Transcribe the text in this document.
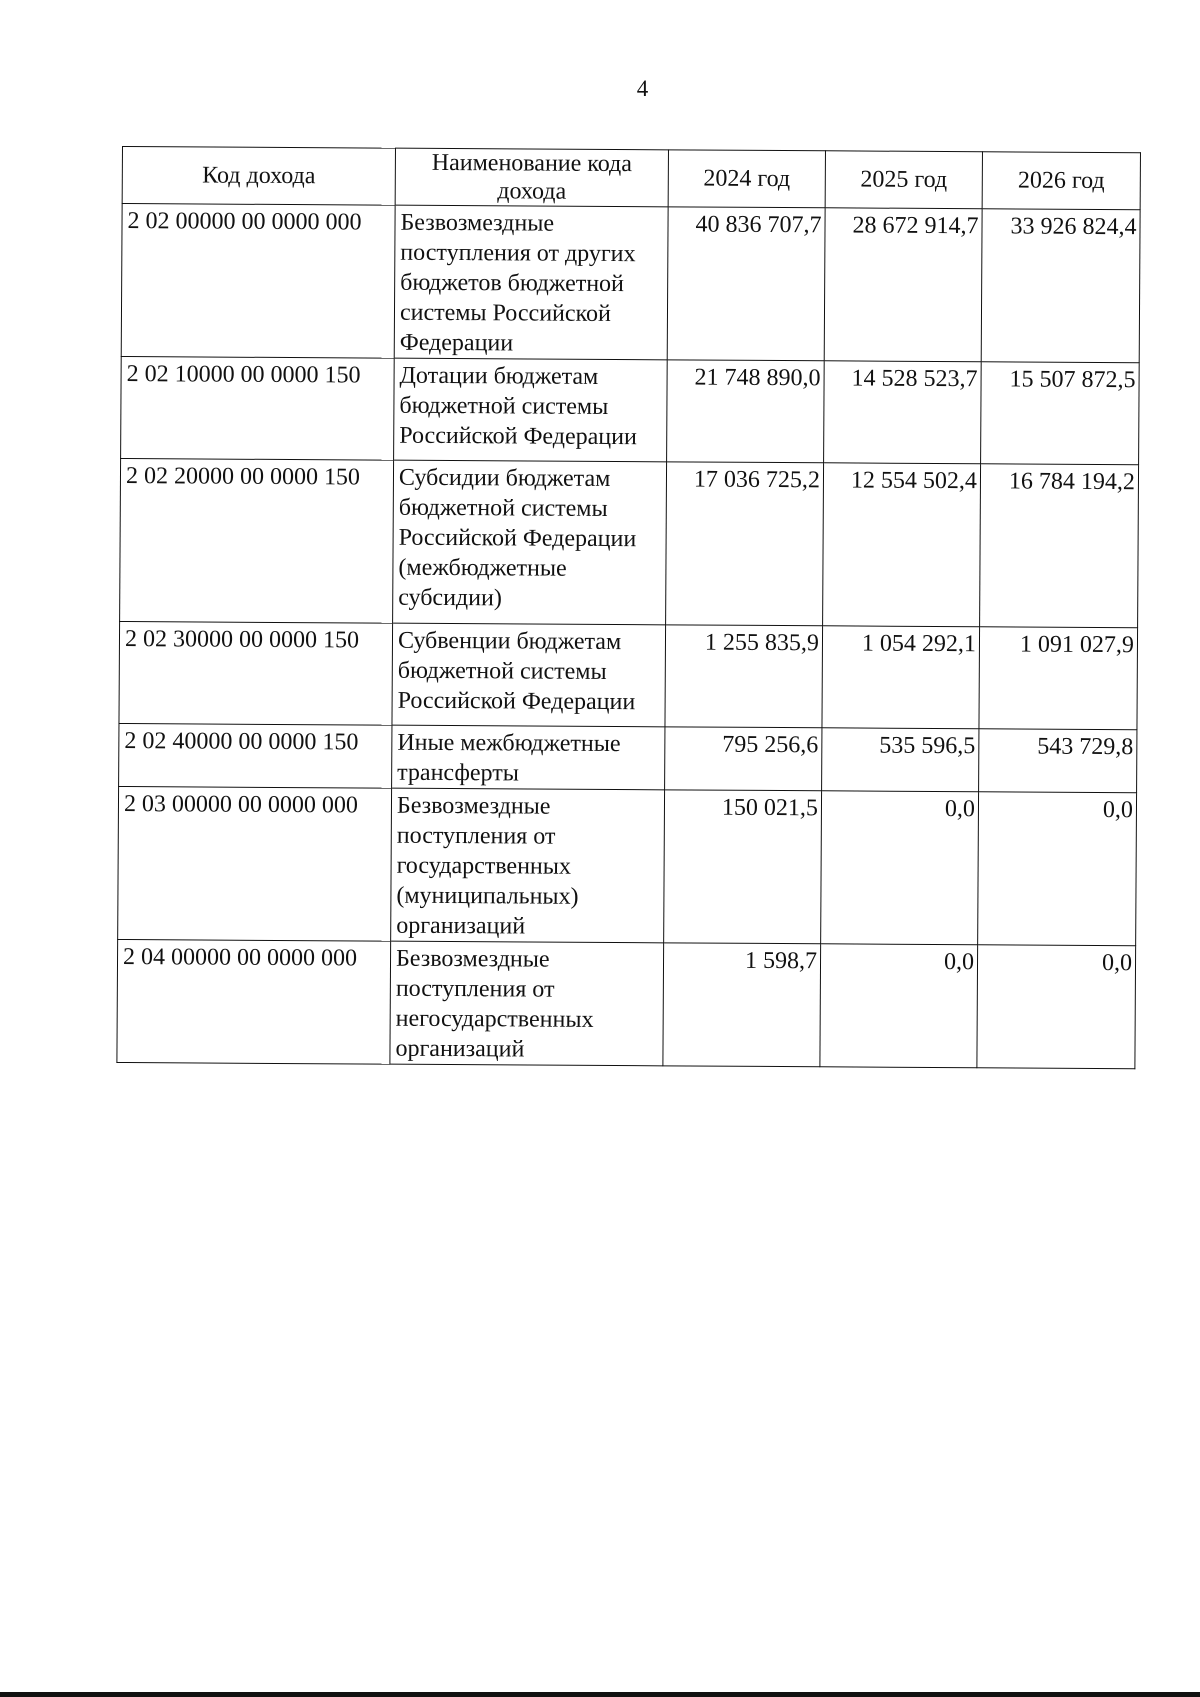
4
Код дохода	Наименование кода дохода	2024 год	2025 год	2026 год
2 02 00000 00 0000 000	Безвозмездные поступления от других бюджетов бюджетной системы Российской Федерации	40 836 707,7	28 672 914,7	33 926 824,4
2 02 10000 00 0000 150	Дотации бюджетам бюджетной системы Российской Федерации	21 748 890,0	14 528 523,7	15 507 872,5
2 02 20000 00 0000 150	Субсидии бюджетам бюджетной системы Российской Федерации (межбюджетные субсидии)	17 036 725,2	12 554 502,4	16 784 194,2
2 02 30000 00 0000 150	Субвенции бюджетам бюджетной системы Российской Федерации	1 255 835,9	1 054 292,1	1 091 027,9
2 02 40000 00 0000 150	Иные межбюджетные трансферты	795 256,6	535 596,5	543 729,8
2 03 00000 00 0000 000	Безвозмездные поступления от государственных (муниципальных) организаций	150 021,5	0,0	0,0
2 04 00000 00 0000 000	Безвозмездные поступления от негосударственных организаций	1 598,7	0,0	0,0
